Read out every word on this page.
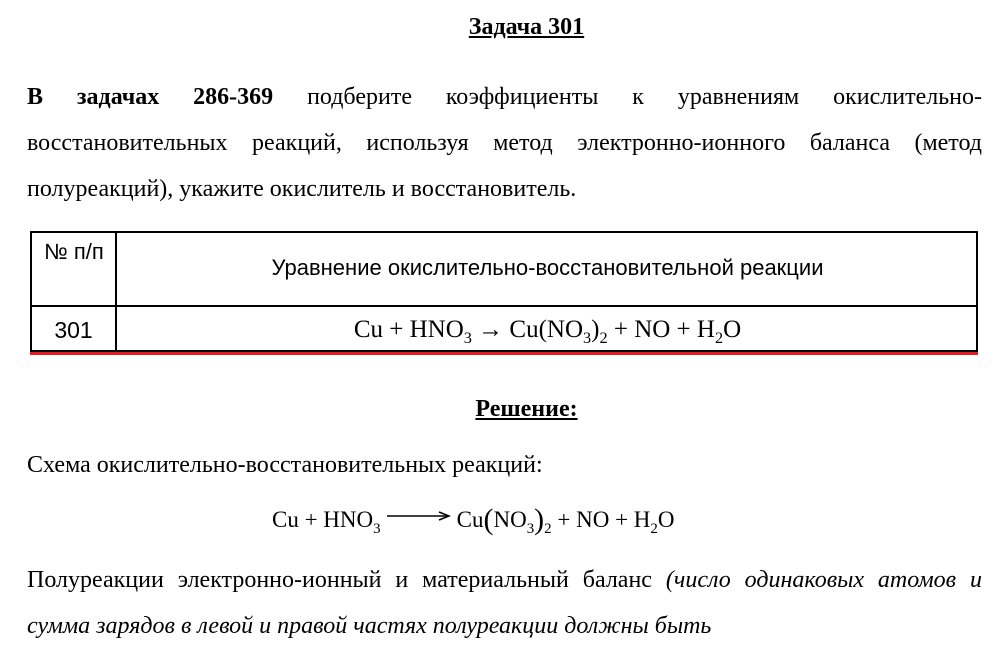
Задача 301
В задачах 286-369 подберите коэффициенты к уравнениям окислительно-восстановительных реакций, используя метод электронно-ионного баланса (метод полуреакций), укажите окислитель и восстановитель.
№ п/п
Уравнение окислительно-восстановительной реакции
301	$Cu + HNO_3 \to Cu(NO_3)_2$ + NO + $H_2O$
Решение:
Схема окислительно-восстановительных реакций:
$Cu + HNO_3$	$Cu(NO_3)_2$ + NO + $H_2O$
Полуреакции электронно-ионный и материальный баланс (число одинаковых атомов и сумма зарядов в левой и правой частях полуреакции должны быть
